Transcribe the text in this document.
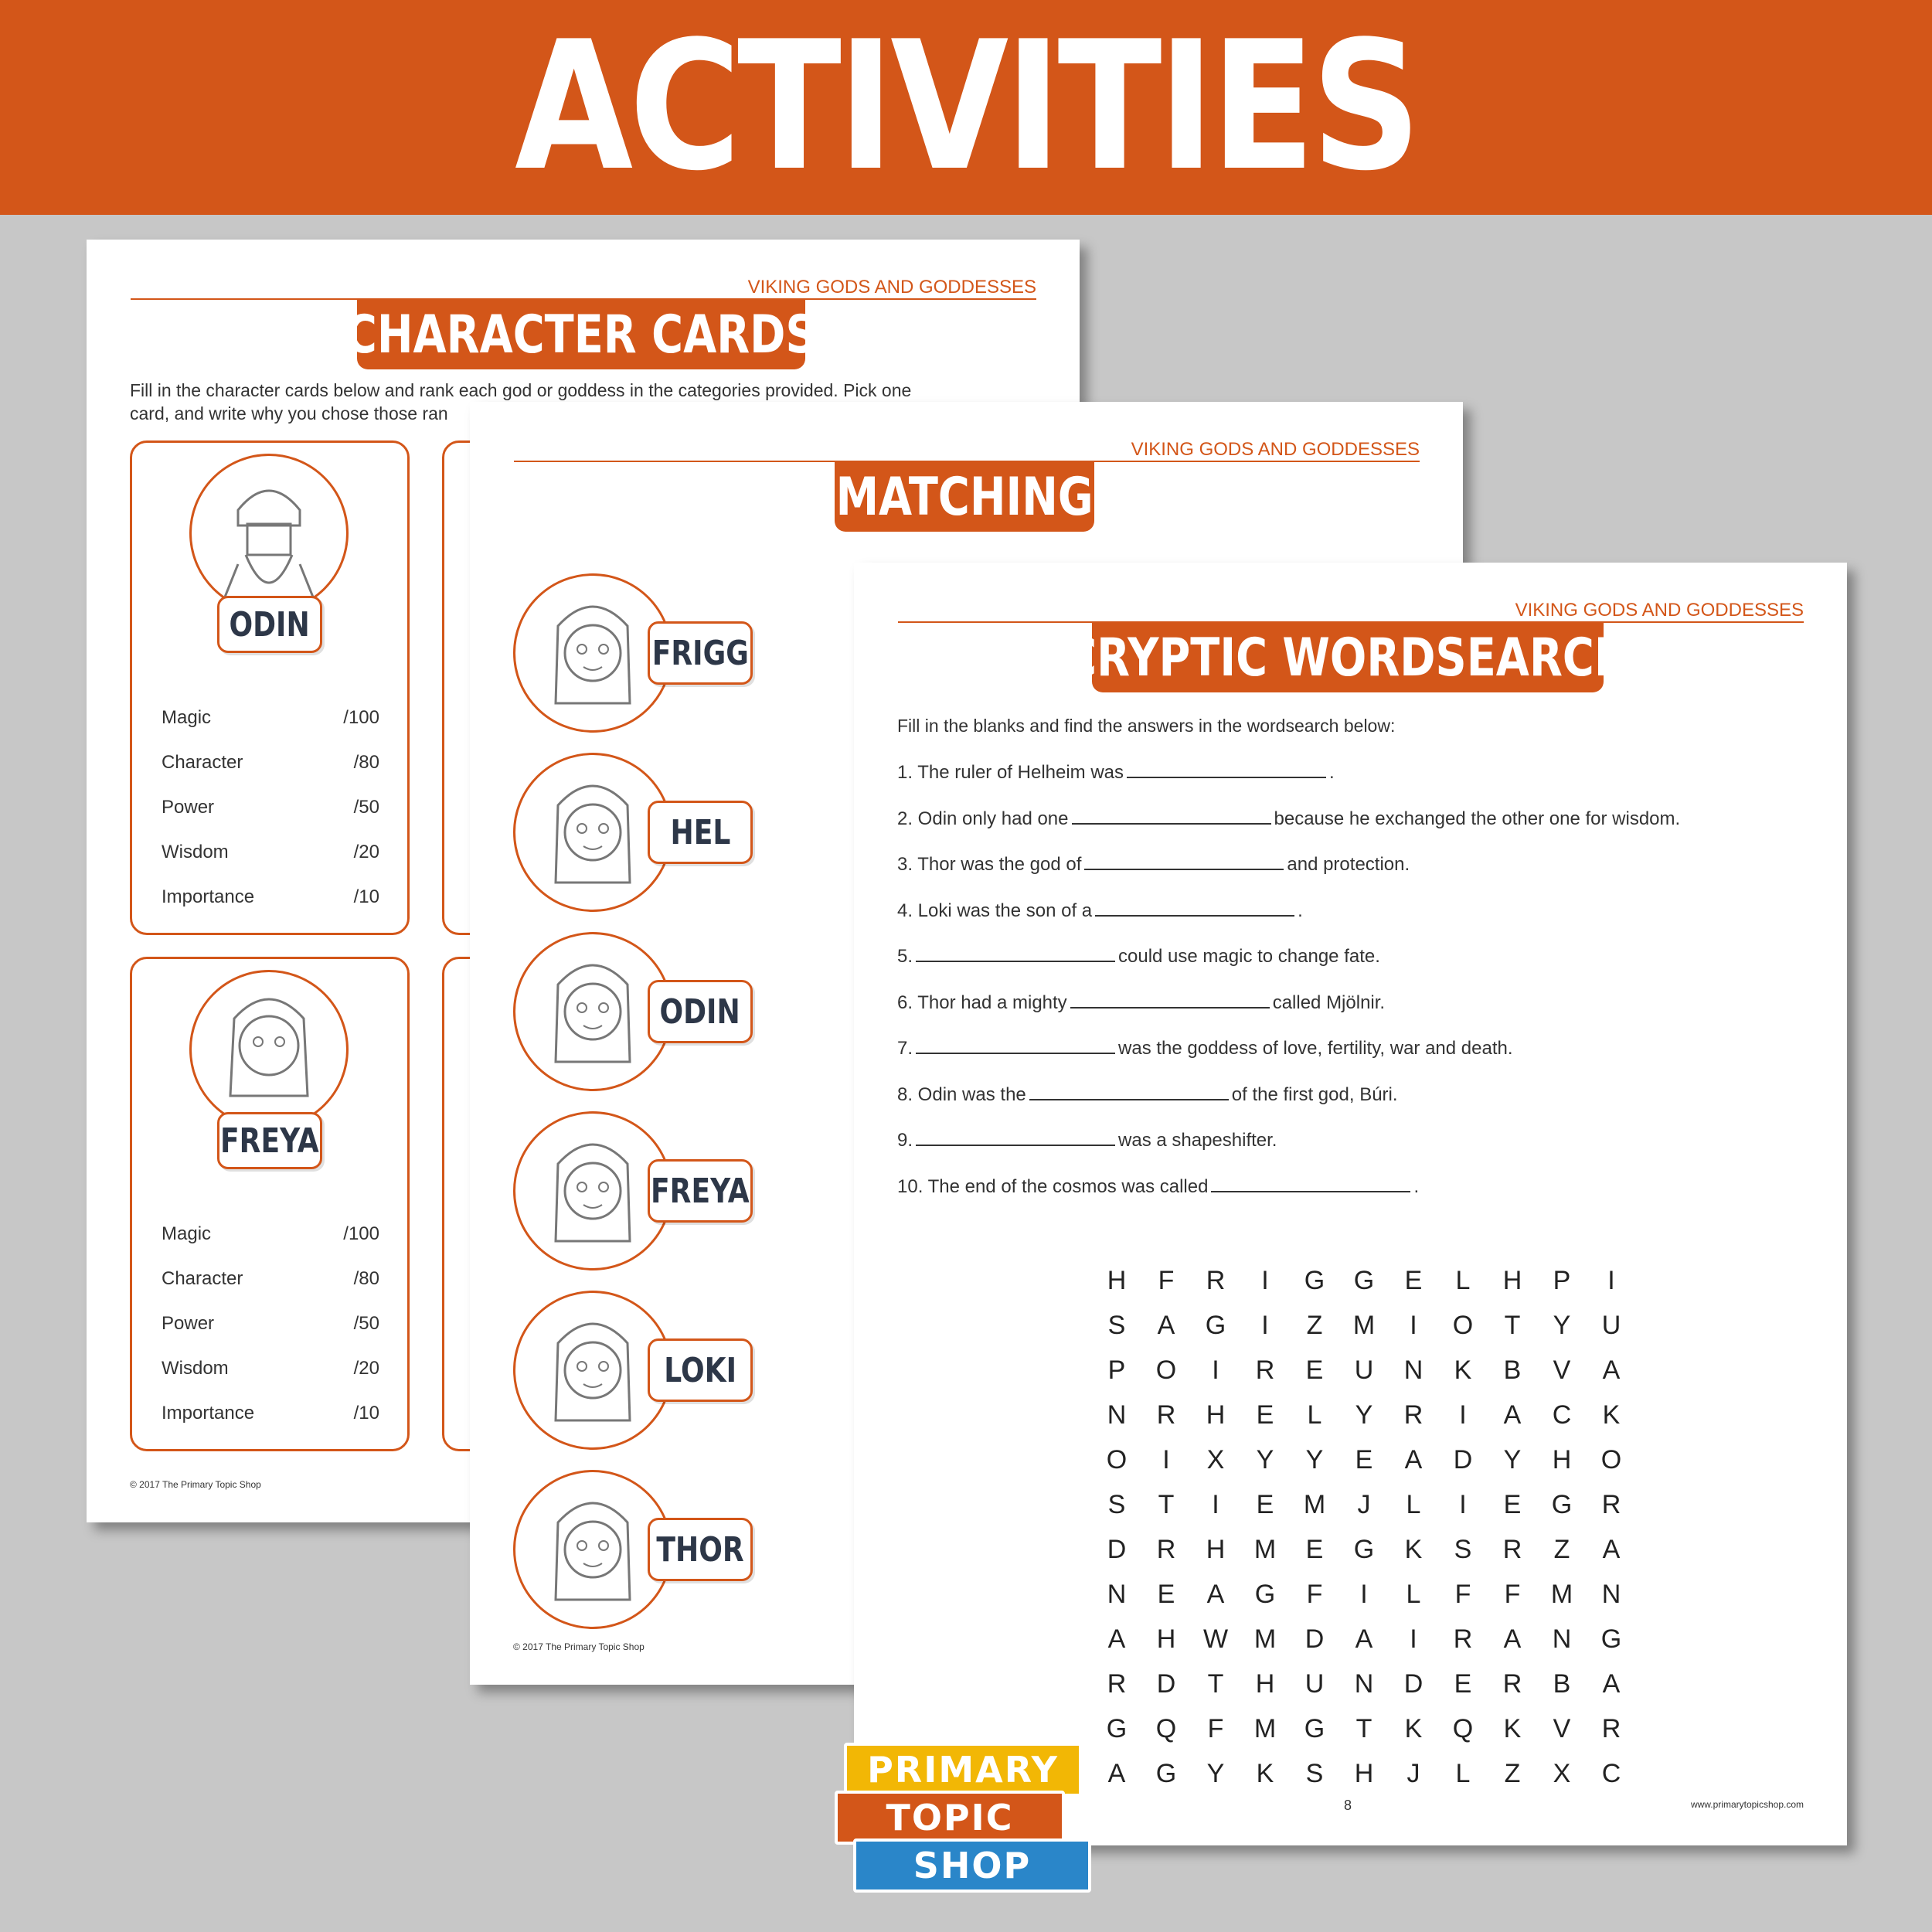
ACTIVITIES
VIKING GODS AND GODDESSES
CHARACTER CARDS
Fill in the character cards below and rank each god or goddess in the categories provided. Pick one
card, and write why you chose those ran
ODIN
Magic	/100
Character	/80
Power	/50
Wisdom	/20
Importance	/10
FREYA
Magic	/100
Character	/80
Power	/50
Wisdom	/20
Importance	/10
© 2017 The Primary Topic Shop
VIKING GODS AND GODDESSES
MATCHING
FRIGG
HEL
ODIN
FREYA
LOKI
THOR
© 2017 The Primary Topic Shop
VIKING GODS AND GODDESSES
CRYPTIC WORDSEARCH
Fill in the blanks and find the answers in the wordsearch below:
1. The ruler of Helheim was	.
2. Odin only had one	because he exchanged the other one for wisdom.
3. Thor was the god of	and protection.
4. Loki was the son of a	.
5.	could use magic to change fate.
6. Thor had a mighty	called Mjölnir.
7.	was the goddess of love, fertility, war and death.
8. Odin was the	of the first god, Búri.
9.	was a shapeshifter.
10. The end of the cosmos was called	.
H	F	R	I	G	G	E	L	H	P	I
S	A	G	I	Z	M	I	O	T	Y	U
P	O	I	R	E	U	N	K	B	V	A
N	R	H	E	L	Y	R	I	A	C	K
O	I	X	Y	Y	E	A	D	Y	H	O
S	T	I	E	M	J	L	I	E	G	R
D	R	H	M	E	G	K	S	R	Z	A
N	E	A	G	F	I	L	F	F	M	N
A	H	W M	D	A	I	R	A	N	G
R	D	T	H	U	N	D	E	R	B	A
G	Q	F	M	G	T	K	Q	K	V	R
A	G	Y	K	S	H	J	L	Z	X	C
8	www.primarytopicshop.com
PRIMARY
TOPIC
SHOP
